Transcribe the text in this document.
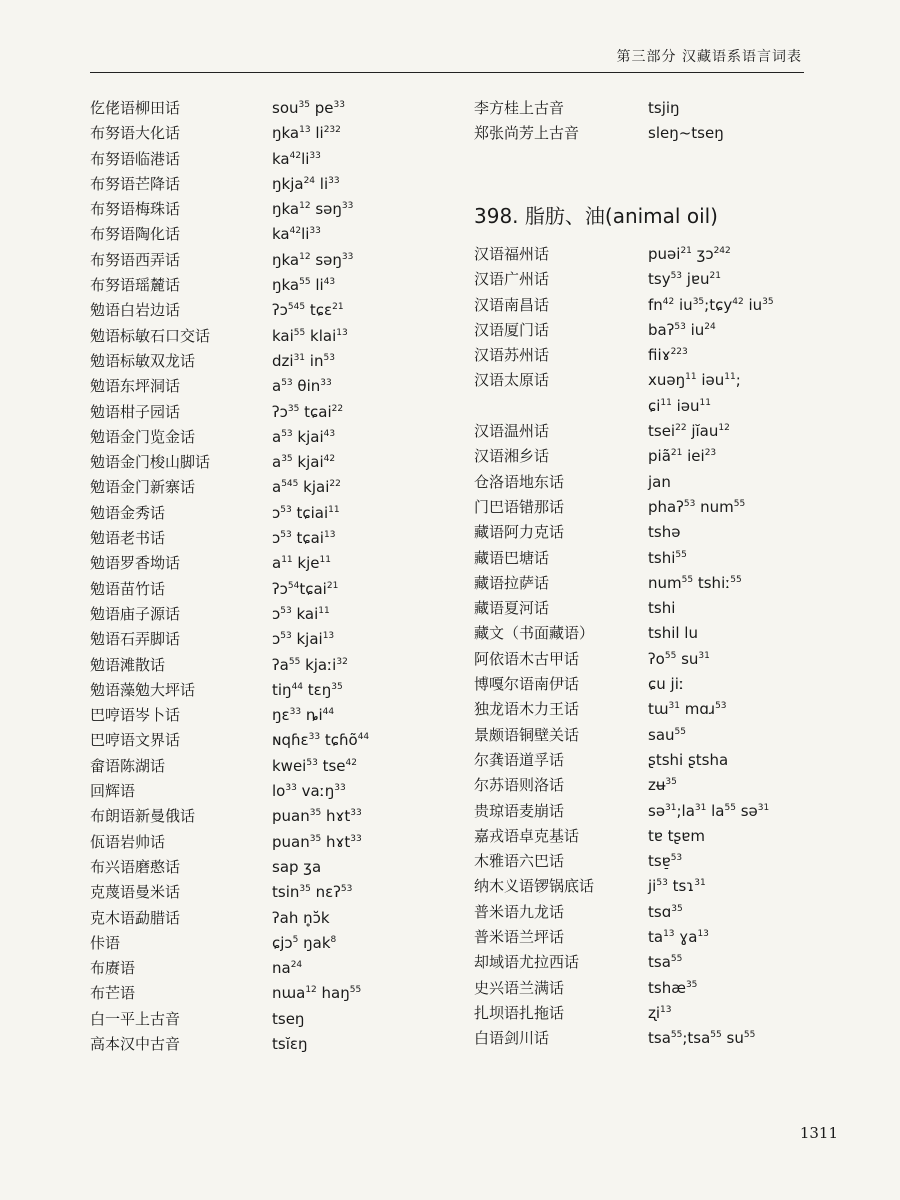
第三部分 汉藏语系语言词表
仡佬语柳田话	sou$^{35}$ $pe^{33}$
布努语大化话	ŋka$^{13}$ $li^{232}$
布努语临港话	$ka^{42}li^{33}$
布努语芒降话	ŋkja$^{24}$ $li^{33}$
布努语梅珠话	ŋka$^{12}$ səŋ$^{33}$
布努语陶化话	$ka^{42}li^{33}$
布努语西弄话	ŋka$^{12}$ səŋ$^{33}$
布努语瑶麓话	ŋka$^{55}$ $li^{43}$
勉语白岩边话	ʔɔ$^{545}$ tɕɛ$^{21}$
勉语标敏石口交话	kai$^{55}$ klai$^{13}$
勉语标敏双龙话	dzi$^{31}$ $in^{53}$
勉语东坪洞话	$a^{53}$ θin$^{33}$
勉语柑子园话	ʔɔ$^{35}$ tɕai$^{22}$
勉语金门览金话	$a^{53}$ kjai$^{43}$
勉语金门梭山脚话	$a^{35}$ kjai$^{42}$
勉语金门新寨话	$a^{545}$ kjai$^{22}$
勉语金秀话	ɔ$^{53}$ tɕiai$^{11}$
勉语老书话	ɔ$^{53}$ tɕai$^{13}$
勉语罗香坳话	$a^{11}$ kje$^{11}$
勉语苗竹话	ʔɔ$^{54}$tɕai$^{21}$
勉语庙子源话	ɔ$^{53}$ kai$^{11}$
勉语石弄脚话	ɔ$^{53}$ kjai$^{13}$
勉语滩散话	ʔa$^{55}$ kjaːi$^{32}$
勉语藻勉大坪话	tiŋ$^{44}$ tɛŋ$^{35}$
巴哼语岑卜话	ŋɛ$^{33}$ $ȵi^{44}$
巴哼语文界话	ɴqɦɛ$^{33}$ tɕɦõ$^{44}$
畲语陈湖话	kwei$^{53}$ tse$^{42}$
回辉语	$lo^{33}$ vaːŋ$^{33}$
布朗语新曼俄话	puan$^{35}$ hɤt$^{33}$
佤语岩帅话	puan$^{35}$ hɤt$^{33}$
布兴语磨憨话	sap ʒa
克蔑语曼米话	tsin$^{35}$ nɛʔ$^{53}$
克木语勐腊话	ʔah n̥ɔ̆k
佧语	ɕjɔ$^5$ ŋak$^8$
布赓语	$na^{24}$
布芒语	nɯa$^{12}$ haŋ$^{55}$
白一平上古音	tseŋ
高本汉中古音	tsĭɛŋ
李方桂上古音	tsjiŋ
郑张尚芳上古音	sleŋ~tseŋ
398. 脂肪、油(animal oil)
汉语福州话	puəi$^{21}$ ʒɔ$^{242}$
汉语广州话	tsy$^{53}$ jɐu$^{21}$
汉语南昌话	$fn^{42}$ $iu^{35};tɕy^{42}$ $iu^{35}$
汉语厦门话	baʔ$^{53}$ $iu^{24}$
汉语苏州话	fiiɤ$^{223}$
汉语太原话	xuəŋ$^{11}$ iəu$^{11}$;
ɕi$^{11}$ iəu$^{11}$
汉语温州话	tsei$^{22}$ jĭau$^{12}$
汉语湘乡话	piã$^{21}$ iei$^{23}$
仓洛语地东话	jan
门巴语错那话	phaʔ$^{53}$ num$^{55}$
藏语阿力克话	tshə
藏语巴塘话	tshi$^{55}$
藏语拉萨话	num$^{55}$ tshiː$^{55}$
藏语夏河话	tshi
藏文（书面藏语）	tshil lu
阿依语木古甲话	ʔo$^{55}$ $su^{31}$
博嘎尔语南伊话	ɕu jiː
独龙语木力王话	tɯ$^{31}$ mɑɹ$^{53}$
景颇语铜壁关话	sau$^{55}$
尔龚语道孚话	ʂtshi ʂtsha
尔苏语则洛话	zʉ$^{35}$
贵琼语麦崩话	$sə^{31};la^{31}$ $la^{55}$ sə$^{31}$
嘉戎语卓克基话	tɐ tʂɐm
木雅语六巴话	tsɐ̠$^{53}$
纳木义语锣锅底话	$ji^{53}$ tsɿ$^{31}$
普米语九龙话	tsɑ$^{35}$
普米语兰坪话	$ta^{13}$ ɣa$^{13}$
却域语尤拉西话	tsa$^{55}$
史兴语兰满话	tshæ$^{35}$
扎坝语扎拖话	ʐi$^{13}$
白语剑川话	tsa$^{55}$;tsa$^{55}$ $su^{55}$
1311
